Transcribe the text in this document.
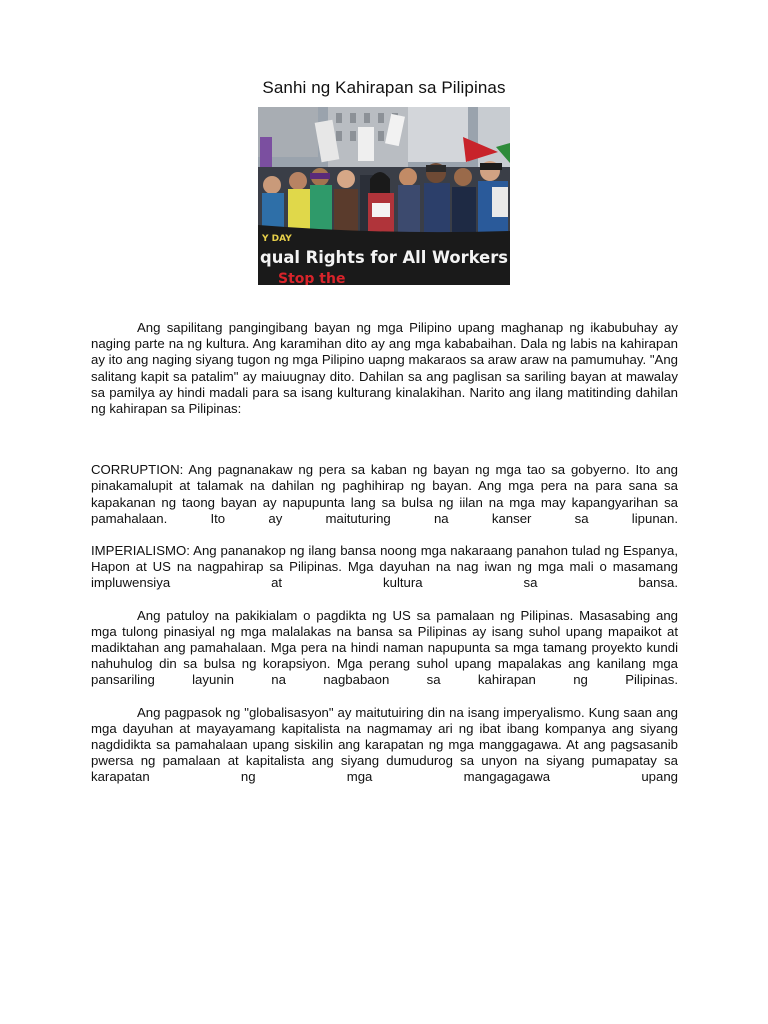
Sanhi ng Kahirapan sa Pilipinas
Y DAY
qual Rights for All Workers
Stop the

Ang sapilitang pangingibang bayan ng mga Pilipino upang maghanap ng ikabubuhay ay naging parte na ng kultura. Ang karamihan dito ay ang mga kababaihan. Dala ng labis na kahirapan ay ito ang naging siyang tugon ng mga Pilipino uapng makaraos sa araw araw na pamumuhay. "Ang salitang kapit sa patalim" ay maiuugnay dito. Dahilan sa ang paglisan sa sariling bayan at mawalay sa pamilya ay hindi madali para sa isang kulturang kinalakihan. Narito ang ilang matitinding dahilan ng kahirapan sa Pilipinas:

CORRUPTION: Ang pagnanakaw ng pera sa kaban ng bayan ng mga tao sa gobyerno. Ito ang pinakamalupit at talamak na dahilan ng paghihirap ng bayan. Ang mga pera na para sana sa kapakanan ng taong bayan ay napupunta lang sa bulsa ng iilan na mga may kapangyarihan sa pamahalaan. Ito ay maituturing na kanser sa lipunan.

IMPERIALISMO: Ang pananakop ng ilang bansa noong mga nakaraang panahon tulad ng Espanya, Hapon at US na nagpahirap sa Pilipinas. Mga dayuhan na nag iwan ng mga mali o masamang impluwensiya at kultura sa bansa.

Ang patuloy na pakikialam o pagdikta ng US sa pamalaan ng Pilipinas. Masasabing ang mga tulong pinasiyal ng mga malalakas na bansa sa Pilipinas ay isang suhol upang mapaikot at madiktahan ang pamahalaan. Mga pera na hindi naman napupunta sa mga tamang proyekto kundi nahuhulog din sa bulsa ng korapsiyon. Mga perang suhol upang mapalakas ang kanilang mga pansariling layunin na nagbabaon sa kahirapan ng Pilipinas.

Ang pagpasok ng "globalisasyon" ay maitutuiring din na isang imperyalismo. Kung saan ang mga dayuhan at mayayamang kapitalista na nagmamay ari ng ibat ibang kompanya ang siyang nagdidikta sa pamahalaan upang siskilin ang karapatan ng mga manggagawa. At ang pagsasanib pwersa ng pamalaan at kapitalista ang siyang dumudurog sa unyon na siyang pumapatay sa karapatan ng mga mangagagawa upang
